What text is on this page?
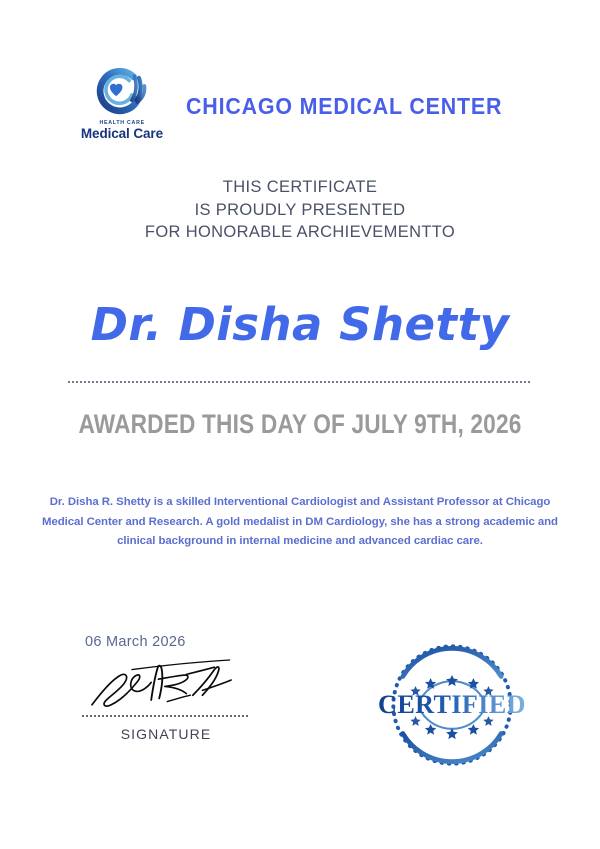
HEALTH CARE
Medical Care
CHICAGO MEDICAL CENTER
THIS CERTIFICATE
IS PROUDLY PRESENTED
FOR HONORABLE ARCHIEVEMENTTO
Dr. Disha Shetty
AWARDED THIS DAY OF JULY 9TH, 2026
Dr. Disha R. Shetty is a skilled Interventional Cardiologist and Assistant Professor at Chicago Medical Center and Research. A gold medalist in DM Cardiology, she has a strong academic and clinical background in internal medicine and advanced cardiac care.
06 March 2026
SIGNATURE
CERTIFIED
